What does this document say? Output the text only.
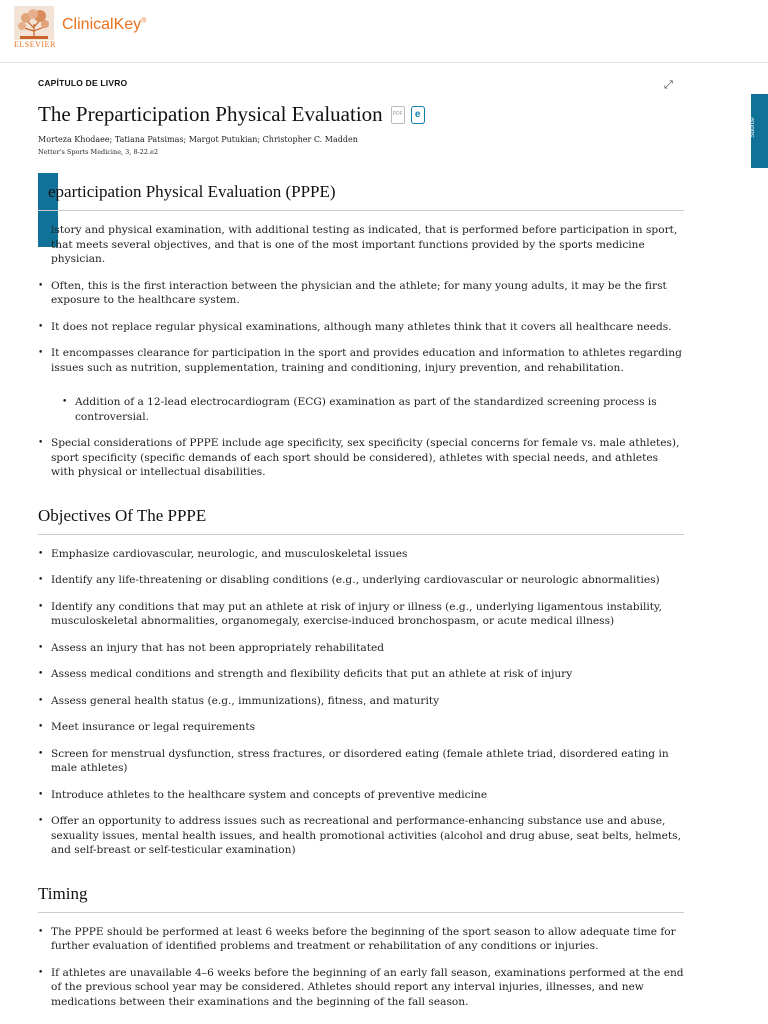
ELSEVIER
ClinicalKey®
⤢
Source
Close
CAPÍTULO DE LIVRO
The Preparticipation Physical Evaluation	PDF	e
Morteza Khodaee; Tatiana Patsimas; Margot Putukian; Christopher C. Madden
Netter's Sports Medicine, 3, 8-22.e2
eparticipation Physical Evaluation (PPPE)
istory and physical examination, with additional testing as indicated, that is performed before participation in sport, that meets several objectives, and that is one of the most important functions provided by the sports medicine physician.
• Often, this is the first interaction between the physician and the athlete; for many young adults, it may be the first exposure to the healthcare system.
• It does not replace regular physical examinations, although many athletes think that it covers all healthcare needs.
• It encompasses clearance for participation in the sport and provides education and information to athletes regarding issues such as nutrition, supplementation, training and conditioning, injury prevention, and rehabilitation.
• Addition of a 12-lead electrocardiogram (ECG) examination as part of the standardized screening process is controversial.
• Special considerations of PPPE include age specificity, sex specificity (special concerns for female vs. male athletes), sport specificity (specific demands of each sport should be considered), athletes with special needs, and athletes with physical or intellectual disabilities.
Objectives Of The PPPE
• Emphasize cardiovascular, neurologic, and musculoskeletal issues
• Identify any life-threatening or disabling conditions (e.g., underlying cardiovascular or neurologic abnormalities)
• Identify any conditions that may put an athlete at risk of injury or illness (e.g., underlying ligamentous instability, musculoskeletal abnormalities, organomegaly, exercise-induced bronchospasm, or acute medical illness)
• Assess an injury that has not been appropriately rehabilitated
• Assess medical conditions and strength and flexibility deficits that put an athlete at risk of injury
• Assess general health status (e.g., immunizations), fitness, and maturity
• Meet insurance or legal requirements
• Screen for menstrual dysfunction, stress fractures, or disordered eating (female athlete triad, disordered eating in male athletes)
• Introduce athletes to the healthcare system and concepts of preventive medicine
• Offer an opportunity to address issues such as recreational and performance-enhancing substance use and abuse, sexuality issues, mental health issues, and health promotional activities (alcohol and drug abuse, seat belts, helmets, and self-breast or self-testicular examination)
Timing
• The PPPE should be performed at least 6 weeks before the beginning of the sport season to allow adequate time for further evaluation of identified problems and treatment or rehabilitation of any conditions or injuries.
• If athletes are unavailable 4–6 weeks before the beginning of an early fall season, examinations performed at the end of the previous school year may be considered. Athletes should report any interval injuries, illnesses, and new medications between their examinations and the beginning of the fall season.
